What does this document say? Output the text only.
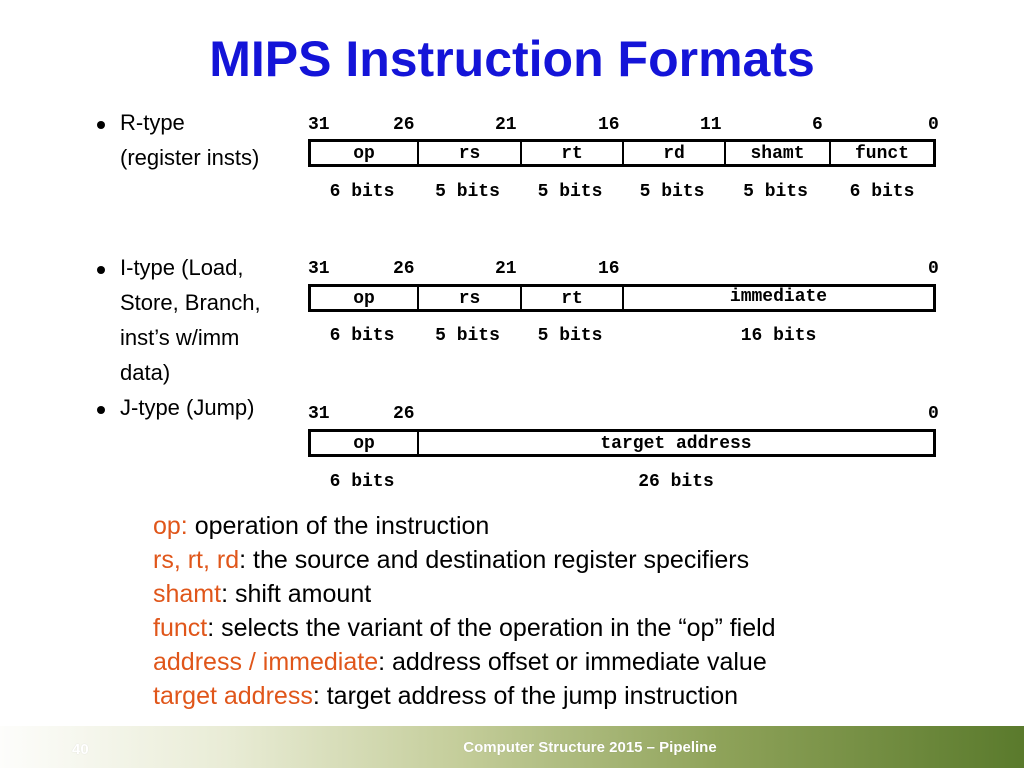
MIPS Instruction Formats
R-type
(register insts)
31	26	21	16	11	6	0
op	rs	rt	rd	shamt	funct
6 bits	5 bits	5 bits	5 bits	5 bits	6 bits
I-type (Load,
Store, Branch,
inst’s w/imm
data)
31	26	21	16	0
op	rs	rt	immediate
6 bits	5 bits	5 bits	16 bits
J-type (Jump)	31	26	0
op	target address
6 bits	26 bits
op: operation of the instruction
rs, rt, rd: the source and destination register specifiers
shamt: shift amount
funct: selects the variant of the operation in the “op” field
address / immediate: address offset or immediate value
target address: target address of the jump instruction
40	Computer Structure 2015 – Pipeline
